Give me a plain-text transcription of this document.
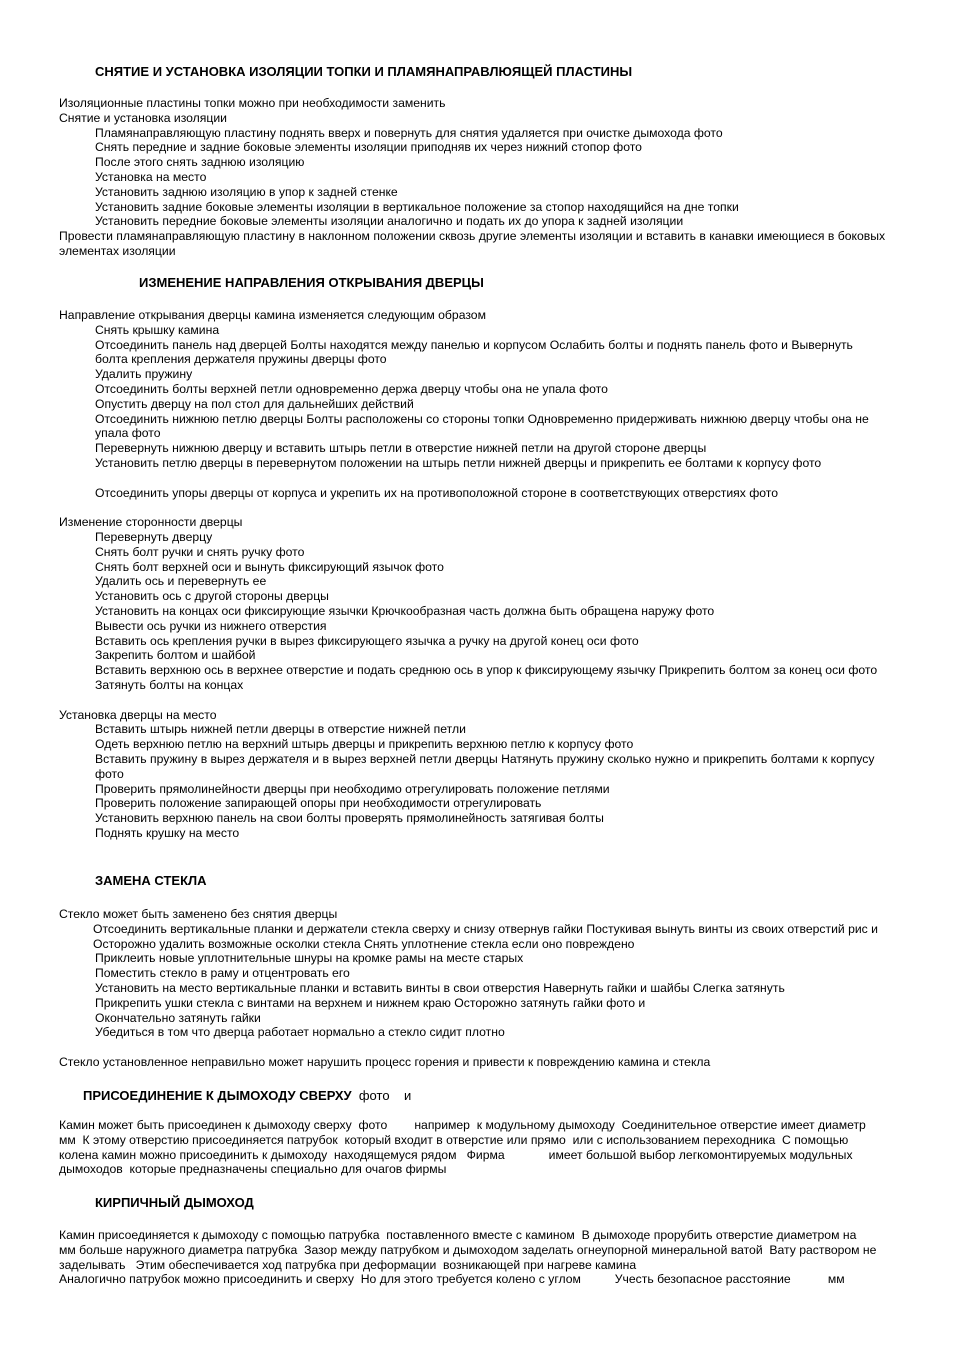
СНЯТИЕ И УСТАНОВКА ИЗОЛЯЦИИ ТОПКИ И ПЛАМЯНАПРАВЛЮЯЩЕЙ ПЛАСТИНЫ

Изоляционные пластины топки можно при необходимости заменить

Снятие и установка изоляции

Пламянаправляющую пластину поднять вверх и повернуть для снятия удаляется при очистке дымохода фото

Снять передние и задние боковые элементы изоляции приподняв их через нижний стопор фото

После этого снять заднюю изоляцию

Установка на место

Установить заднюю изоляцию в упор к задней стенке

Установить задние боковые элементы изоляции в вертикальное положение за стопор находящийся на дне топки

Установить передние боковые элементы изоляции аналогично и подать их до упора к задней изоляции

Провести пламянаправляющую пластину в наклонном положении сквозь другие элементы изоляции и вставить в канавки имеющиеся в боковых элементах изоляции

ИЗМЕНЕНИЕ НАПРАВЛЕНИЯ ОТКРЫВАНИЯ ДВЕРЦЫ

Направление открывания дверцы камина изменяется следующим образом

Снять крышку камина

Отсоединить панель над дверцей Болты находятся между панелью и корпусом Ослабить болты и поднять панель фото и Вывернуть болта крепления держателя пружины дверцы фото

Удалить пружину

Отсоединить болты верхней петли одновременно держа дверцу чтобы она не упала фото

Опустить дверцу на пол стол для дальнейших действий

Отсоединить нижнюю петлю дверцы Болты расположены со стороны топки Одновременно придерживать нижнюю дверцу чтобы она не упала фото

Перевернуть нижнюю дверцу и вставить штырь петли в отверстие нижней петли на другой стороне дверцы

Установить петлю дверцы в перевернутом положении на штырь петли нижней дверцы и прикрепить ее болтами к корпусу фото

Отсоединить упоры дверцы от корпуса и укрепить их на противоположной стороне в соответствующих отверстиях фото

Изменение сторонности дверцы

Перевернуть дверцу

Снять болт ручки и снять ручку фото

Снять болт верхней оси и вынуть фиксирующий язычок фото

Удалить ось и перевернуть ее

Установить ось с другой стороны дверцы

Установить на концах оси фиксирующие язычки Крючкообразная часть должна быть обращена наружу фото

Вывести ось ручки из нижнего отверстия

Вставить ось крепления ручки в вырез фиксирующего язычка а ручку на другой конец оси фото

Закрепить болтом и шайбой

Вставить верхнюю ось в верхнее отверстие и подать среднюю ось в упор к фиксирующему язычку Прикрепить болтом за конец оси фото

Затянуть болты на концах

Установка дверцы на место

Вставить штырь нижней петли дверцы в отверстие нижней петли

Одеть верхнюю петлю на верхний штырь дверцы и прикрепить верхнюю петлю к корпусу фото

Вставить пружину в вырез держателя и в вырез верхней петли дверцы Натянуть пружину сколько нужно и прикрепить болтами к корпусу фото

Проверить прямолинейности дверцы при необходимо отрегулировать положение петлями

Проверить положение запирающей опоры при необходимости отрегулировать

Установить верхнюю панель на свои болты проверять прямолинейность затягивая болты

Поднять крушку на место

ЗАМЕНА СТЕКЛА

Стекло может быть заменено без снятия дверцы

Отсоединить вертикальные планки и держатели стекла сверху и снизу отвернув гайки Постукивая вынуть винты из своих отверстий рис и Осторожно удалить возможные осколки стекла Снять уплотнение стекла если оно повреждено

Приклеить новые уплотнительные шнуры на кромке рамы на месте старых

Поместить стекло в раму и отцентровать его

Установить на место вертикальные планки и вставить винты в свои отверстия Навернуть гайки и шайбы Слегка затянуть

Прикрепить ушки стекла с винтами на верхнем и нижнем краю Осторожно затянуть гайки фото и

Окончательно затянуть гайки

Убедиться в том что дверца работает нормально а стекло сидит плотно

Стекло установленное неправильно может нарушить процесс горения и привести к повреждению камина и стекла

ПРИСОЕДИНЕНИЕ К ДЫМОХОДУ СВЕРХУ  фото    и

Камин может быть присоединен к дымоходу сверху  фото        например  к модульному дымоходу  Соединительное отверстие имеет диаметр        мм  К этому отверстию присоединяется патрубок  который входит в отверстие или прямо  или с использованием переходника  С помощью колена камин можно присоединить к дымоходу  находящемуся рядом   Фирма             имеет большой выбор легкомонтируемых модульных дымоходов  которые предназначены специально для очагов фирмы

КИРПИЧНЫЙ ДЫМОХОД

Камин присоединяется к дымоходу с помощью патрубка  поставленного вместе с камином  В дымоходе прорубить отверстие диаметром на      мм больше наружного диаметра патрубка  Зазор между патрубком и дымоходом заделать огнеупорной минеральной ватой  Вату раствором не заделывать   Этим обеспечивается ход патрубка при деформации  возникающей при нагреве камина

Аналогично патрубок можно присоединить и сверху  Но для этого требуется колено с углом          Учесть безопасное расстояние           мм
